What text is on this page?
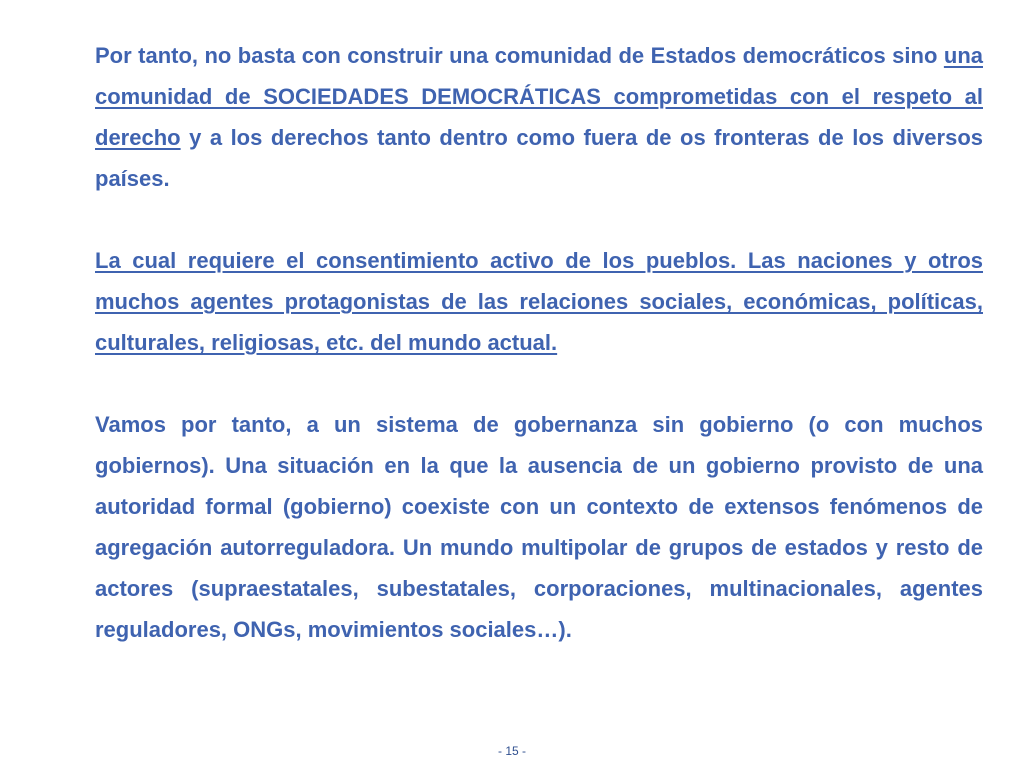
Por tanto, no basta con construir una comunidad de Estados democráticos sino una comunidad de SOCIEDADES DEMOCRÁTICAS comprometidas con el respeto al derecho y a los derechos tanto dentro como fuera de os fronteras de los diversos países.

La cual requiere el consentimiento activo de los pueblos. Las naciones y otros muchos agentes protagonistas de las relaciones sociales, económicas, políticas, culturales, religiosas, etc. del mundo actual.

Vamos por tanto, a un sistema de gobernanza sin gobierno (o con muchos gobiernos). Una situación en la que la ausencia de un gobierno provisto de una autoridad formal (gobierno) coexiste con un contexto de extensos fenómenos de agregación autorreguladora. Un mundo multipolar de grupos de estados y resto de actores (supraestatales, subestatales, corporaciones, multinacionales, agentes reguladores, ONGs, movimientos sociales…).

- 15 -
